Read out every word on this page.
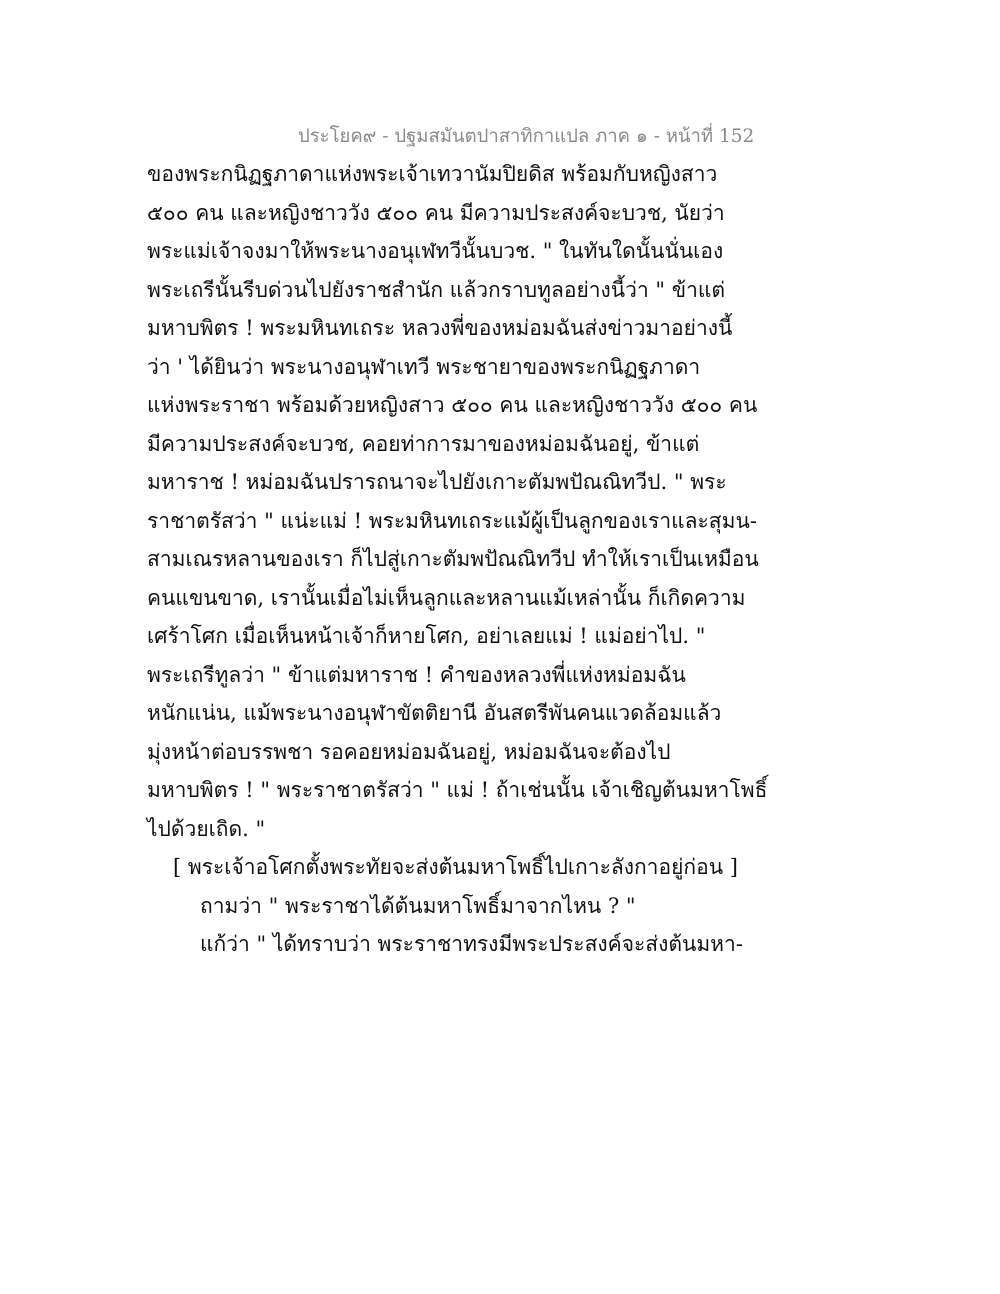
ประโยค๙ - ปฐมสมันตปาสาทิกาแปล ภาค ๑ - หน้าที่ 152
ของพระกนิฏฐภาดาแห่งพระเจ้าเทวานัมปิยดิส พร้อมกับหญิงสาว
๕๐๐ คน และหญิงชาววัง ๕๐๐ คน มีความประสงค์จะบวช, นัยว่า
พระแม่เจ้าจงมาให้พระนางอนุเฬทวีนั้นบวช. " ในทันใดนั้นนั่นเอง
พระเถรีนั้นรีบด่วนไปยังราชสำนัก แล้วกราบทูลอย่างนี้ว่า " ข้าแต่
มหาบพิตร ! พระมหินทเถระ หลวงพี่ของหม่อมฉันส่งข่าวมาอย่างนี้
ว่า ' ได้ยินว่า พระนางอนุฬาเทวี พระชายาของพระกนิฏฐภาดา
แห่งพระราชา พร้อมด้วยหญิงสาว ๕๐๐ คน และหญิงชาววัง ๕๐๐ คน
มีความประสงค์จะบวช, คอยท่าการมาของหม่อมฉันอยู่, ข้าแต่
มหาราช ! หม่อมฉันปรารถนาจะไปยังเกาะตัมพปัณณิทวีป. " พระ
ราชาตรัสว่า " แน่ะแม่ ! พระมหินทเถระแม้ผู้เป็นลูกของเราและสุมน-
สามเณรหลานของเรา ก็ไปสู่เกาะตัมพปัณณิทวีป ทำให้เราเป็นเหมือน
คนแขนขาด, เรานั้นเมื่อไม่เห็นลูกและหลานแม้เหล่านั้น ก็เกิดความ
เศร้าโศก เมื่อเห็นหน้าเจ้าก็หายโศก, อย่าเลยแม่ ! แม่อย่าไป. "
พระเถรีทูลว่า " ข้าแต่มหาราช ! คำของหลวงพี่แห่งหม่อมฉัน
หนักแน่น, แม้พระนางอนุฬาขัตติยานี อันสตรีพันคนแวดล้อมแล้ว
มุ่งหน้าต่อบรรพชา รอคอยหม่อมฉันอยู่, หม่อมฉันจะต้องไป
มหาบพิตร ! " พระราชาตรัสว่า " แม่ ! ถ้าเช่นนั้น เจ้าเชิญต้นมหาโพธิ์
ไปด้วยเถิด. "
[ พระเจ้าอโศกตั้งพระทัยจะส่งต้นมหาโพธิ์ไปเกาะลังกาอยู่ก่อน ]
ถามว่า " พระราชาได้ต้นมหาโพธิ์มาจากไหน ? "
แก้ว่า " ได้ทราบว่า พระราชาทรงมีพระประสงค์จะส่งต้นมหา-
